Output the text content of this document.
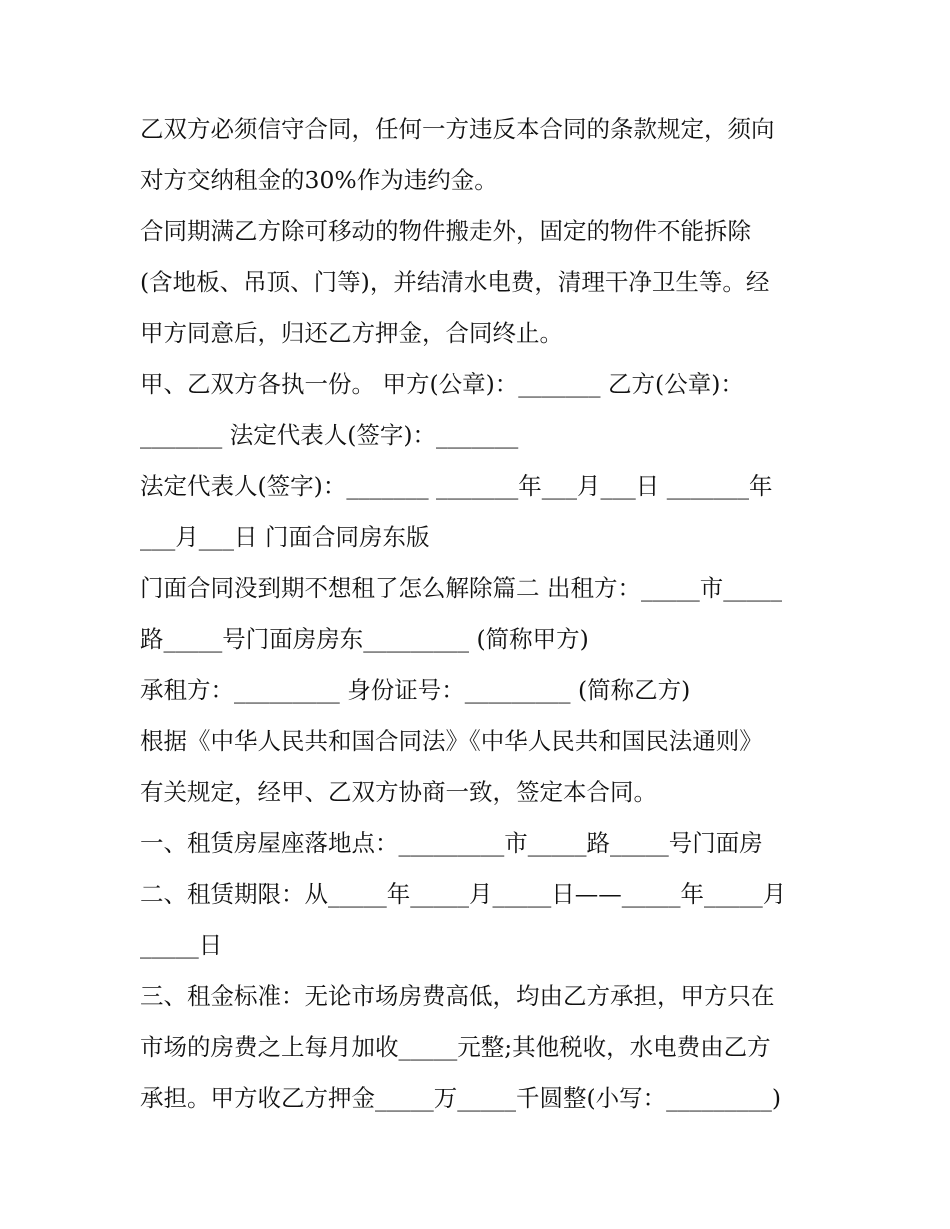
乙双方必须信守合同，任何一方违反本合同的条款规定，须向
对方交纳租金的30%作为违约金。
合同期满乙方除可移动的物件搬走外，固定的物件不能拆除
(含地板、吊顶、门等)，并结清水电费，清理干净卫生等。经
甲方同意后，归还乙方押金，合同终止。
甲、乙双方各执一份。 甲方(公章)：_______ 乙方(公章)：
_______ 法定代表人(签字)：_______
法定代表人(签字)：_______ _______年___月___日 _______年
___月___日 门面合同房东版
门面合同没到期不想租了怎么解除篇二 出租方：_____市_____
路_____号门面房房东_________ (简称甲方)
承租方：_________ 身份证号：_________ (简称乙方)
根据《中华人民共和国合同法》《中华人民共和国民法通则》
有关规定，经甲、乙双方协商一致，签定本合同。
一、租赁房屋座落地点：_________市_____路_____号门面房
二、租赁期限：从_____年_____月_____日——_____年_____月
_____日
三、租金标准：无论市场房费高低，均由乙方承担，甲方只在
市场的房费之上每月加收_____元整;其他税收，水电费由乙方
承担。甲方收乙方押金_____万_____千圆整(小写：_________)
